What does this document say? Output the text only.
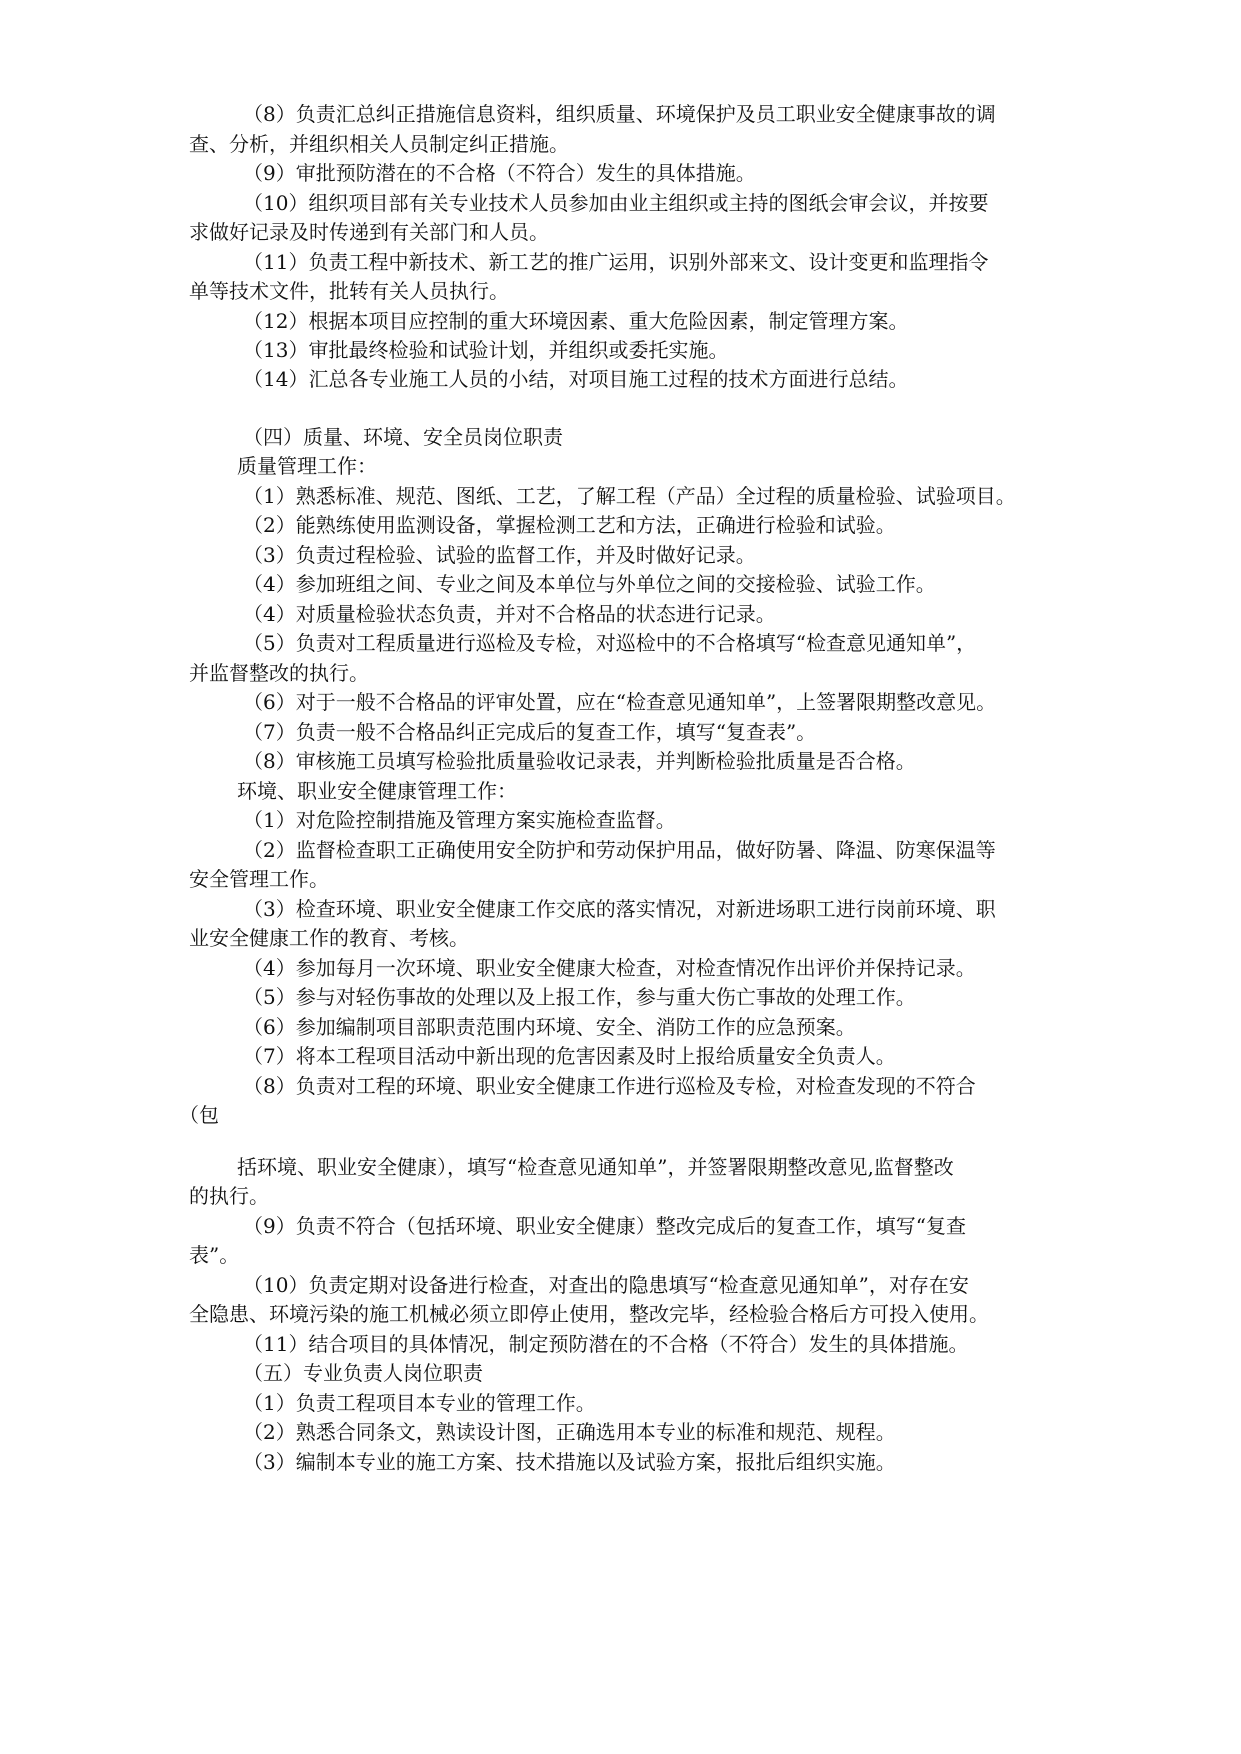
（8）负责汇总纠正措施信息资料，组织质量、环境保护及员工职业安全健康事故的调
查、分析，并组织相关人员制定纠正措施。
（9）审批预防潜在的不合格（不符合）发生的具体措施。
（10）组织项目部有关专业技术人员参加由业主组织或主持的图纸会审会议，并按要
求做好记录及时传递到有关部门和人员。
（11）负责工程中新技术、新工艺的推广运用，识别外部来文、设计变更和监理指令
单等技术文件，批转有关人员执行。
（12）根据本项目应控制的重大环境因素、重大危险因素，制定管理方案。
（13）审批最终检验和试验计划，并组织或委托实施。
（14）汇总各专业施工人员的小结，对项目施工过程的技术方面进行总结。
（四）质量、环境、安全员岗位职责
质量管理工作：
（1）熟悉标准、规范、图纸、工艺，了解工程（产品）全过程的质量检验、试验项目。
（2）能熟练使用监测设备，掌握检测工艺和方法，正确进行检验和试验。
（3）负责过程检验、试验的监督工作，并及时做好记录。
（4）参加班组之间、专业之间及本单位与外单位之间的交接检验、试验工作。
（4）对质量检验状态负责，并对不合格品的状态进行记录。
（5）负责对工程质量进行巡检及专检，对巡检中的不合格填写“检查意见通知单”，
并监督整改的执行。
（6）对于一般不合格品的评审处置，应在“检查意见通知单”，上签署限期整改意见。
（7）负责一般不合格品纠正完成后的复查工作，填写“复查表”。
（8）审核施工员填写检验批质量验收记录表，并判断检验批质量是否合格。
环境、职业安全健康管理工作：
（1）对危险控制措施及管理方案实施检查监督。
（2）监督检查职工正确使用安全防护和劳动保护用品，做好防暑、降温、防寒保温等
安全管理工作。
（3）检查环境、职业安全健康工作交底的落实情况，对新进场职工进行岗前环境、职
业安全健康工作的教育、考核。
（4）参加每月一次环境、职业安全健康大检查，对检查情况作出评价并保持记录。
（5）参与对轻伤事故的处理以及上报工作，参与重大伤亡事故的处理工作。
（6）参加编制项目部职责范围内环境、安全、消防工作的应急预案。
（7）将本工程项目活动中新出现的危害因素及时上报给质量安全负责人。
（8）负责对工程的环境、职业安全健康工作进行巡检及专检，对检查发现的不符合
（包
括环境、职业安全健康），填写“检查意见通知单”，并签署限期整改意见,监督整改
的执行。
（9）负责不符合（包括环境、职业安全健康）整改完成后的复查工作，填写“复查
表”。
（10）负责定期对设备进行检查，对查出的隐患填写“检查意见通知单”，对存在安
全隐患、环境污染的施工机械必须立即停止使用，整改完毕，经检验合格后方可投入使用。
（11）结合项目的具体情况，制定预防潜在的不合格（不符合）发生的具体措施。
（五）专业负责人岗位职责
（1）负责工程项目本专业的管理工作。
（2）熟悉合同条文，熟读设计图，正确选用本专业的标准和规范、规程。
（3）编制本专业的施工方案、技术措施以及试验方案，报批后组织实施。
